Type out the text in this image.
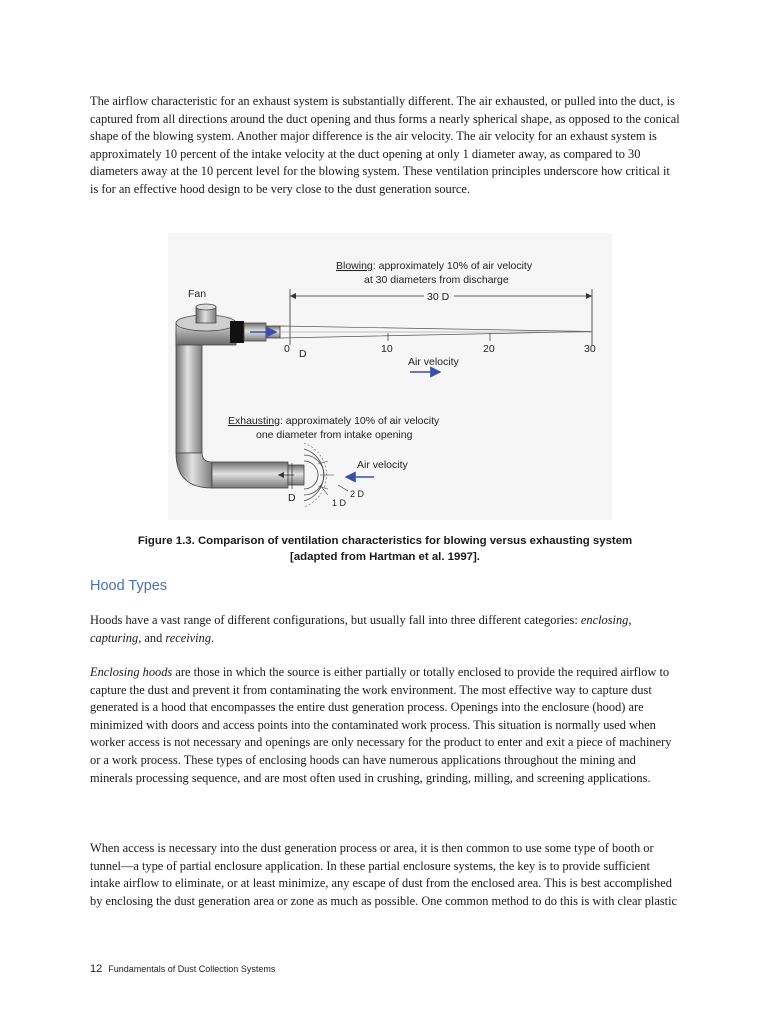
The airflow characteristic for an exhaust system is substantially different. The air exhausted, or pulled into the duct, is captured from all directions around the duct opening and thus forms a nearly spherical shape, as opposed to the conical shape of the blowing system. Another major difference is the air velocity. The air velocity for an exhaust system is approximately 10 percent of the intake velocity at the duct opening at only 1 diameter away, as compared to 30 diameters away at the 10 percent level for the blowing system. These ventilation principles underscore how critical it is for an effective hood design to be very close to the dust generation source.

Fan
Blowing: approximately 10% of air velocity
at 30 diameters from discharge
30 D
0 D	10	20	30
Air velocity
Exhausting: approximately 10% of air velocity
one diameter from intake opening
Air velocity
D	1 D
2 D
Figure 1.3. Comparison of ventilation characteristics for blowing versus exhausting system
[adapted from Hartman et al. 1997].
Hood Types

Hoods have a vast range of different configurations, but usually fall into three different categories: enclosing, capturing, and receiving.

Enclosing hoods are those in which the source is either partially or totally enclosed to provide the required airflow to capture the dust and prevent it from contaminating the work environment. The most effective way to capture dust generated is a hood that encompasses the entire dust generation process. Openings into the enclosure (hood) are minimized with doors and access points into the contaminated work process. This situation is normally used when worker access is not necessary and openings are only necessary for the product to enter and exit a piece of machinery or a work process. These types of enclosing hoods can have numerous applications throughout the mining and minerals processing sequence, and are most often used in crushing, grinding, milling, and screening applications.

When access is necessary into the dust generation process or area, it is then common to use some type of booth or tunnel—a type of partial enclosure application. In these partial enclosure systems, the key is to provide sufficient intake airflow to eliminate, or at least minimize, any escape of dust from the enclosed area. This is best accomplished by enclosing the dust generation area or zone as much as possible. One common method to do this is with clear plastic

12 Fundamentals of Dust Collection Systems
